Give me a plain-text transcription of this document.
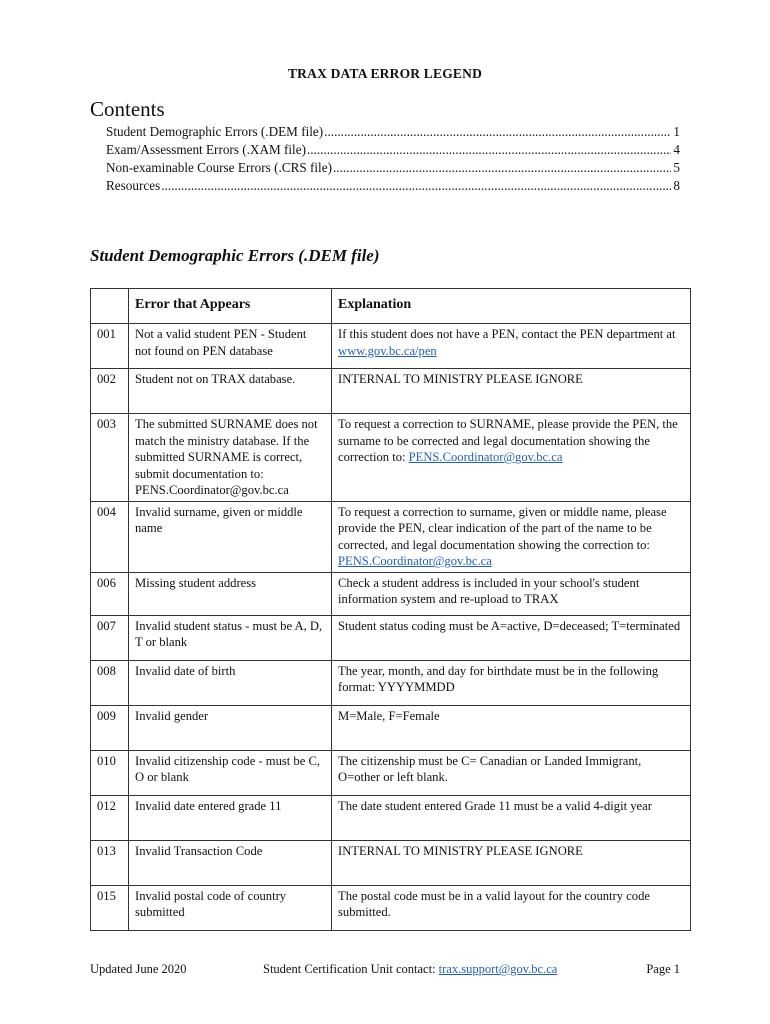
TRAX DATA ERROR LEGEND
Contents
Student Demographic Errors (.DEM file) .....	1
Exam/Assessment Errors (.XAM file) .....	4
Non-examinable Course Errors (.CRS file) .....	5
Resources .....	8
Student Demographic Errors (.DEM file)
	Error that Appears	Explanation
001	Not a valid student PEN - Student not found on PEN database	If this student does not have a PEN, contact the PEN department at www.gov.bc.ca/pen
002	Student not on TRAX database.	INTERNAL TO MINISTRY PLEASE IGNORE
003	The submitted SURNAME does not match the ministry database. If the submitted SURNAME is correct, submit documentation to: PENS.Coordinator@gov.bc.ca	To request a correction to SURNAME, please provide the PEN, the surname to be corrected and legal documentation showing the correction to: PENS.Coordinator@gov.bc.ca
004	Invalid surname, given or middle name	To request a correction to surname, given or middle name, please provide the PEN, clear indication of the part of the name to be corrected, and legal documentation showing the correction to: PENS.Coordinator@gov.bc.ca
006	Missing student address	Check a student address is included in your school's student information system and re-upload to TRAX
007	Invalid student status - must be A, D, T or blank	Student status coding must be A=active, D=deceased; T=terminated
008	Invalid date of birth	The year, month, and day for birthdate must be in the following format: YYYYMMDD
009	Invalid gender	M=Male, F=Female
010	Invalid citizenship code - must be C, O or blank	The citizenship must be C= Canadian or Landed Immigrant, O=other or left blank.
012	Invalid date entered grade 11	The date student entered Grade 11 must be a valid 4-digit year
013	Invalid Transaction Code	INTERNAL TO MINISTRY PLEASE IGNORE
015	Invalid postal code of country submitted	The postal code must be in a valid layout for the country code submitted.
Updated June 2020	Student Certification Unit contact: trax.support@gov.bc.ca	Page 1
